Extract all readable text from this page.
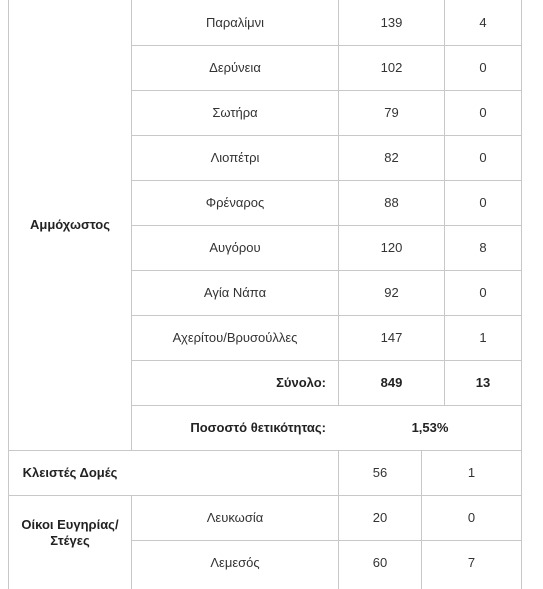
Αμμόχωστος
Παραλίμνι	139	4
Δερύνεια	102	0
Σωτήρα	79	0
Λιοπέτρι	82	0
Φρέναρος	88	0
Αυγόρου	120	8
Αγία Νάπα	92	0
Αχερίτου/Βρυσούλλες	147	1
Σύνολο:	849	13
Ποσοστό θετικότητας:	1,53%
Κλειστές Δομές	56	1
Οίκοι Ευγηρίας/ Στέγες
Λευκωσία	20	0
Λεμεσός	60	7
